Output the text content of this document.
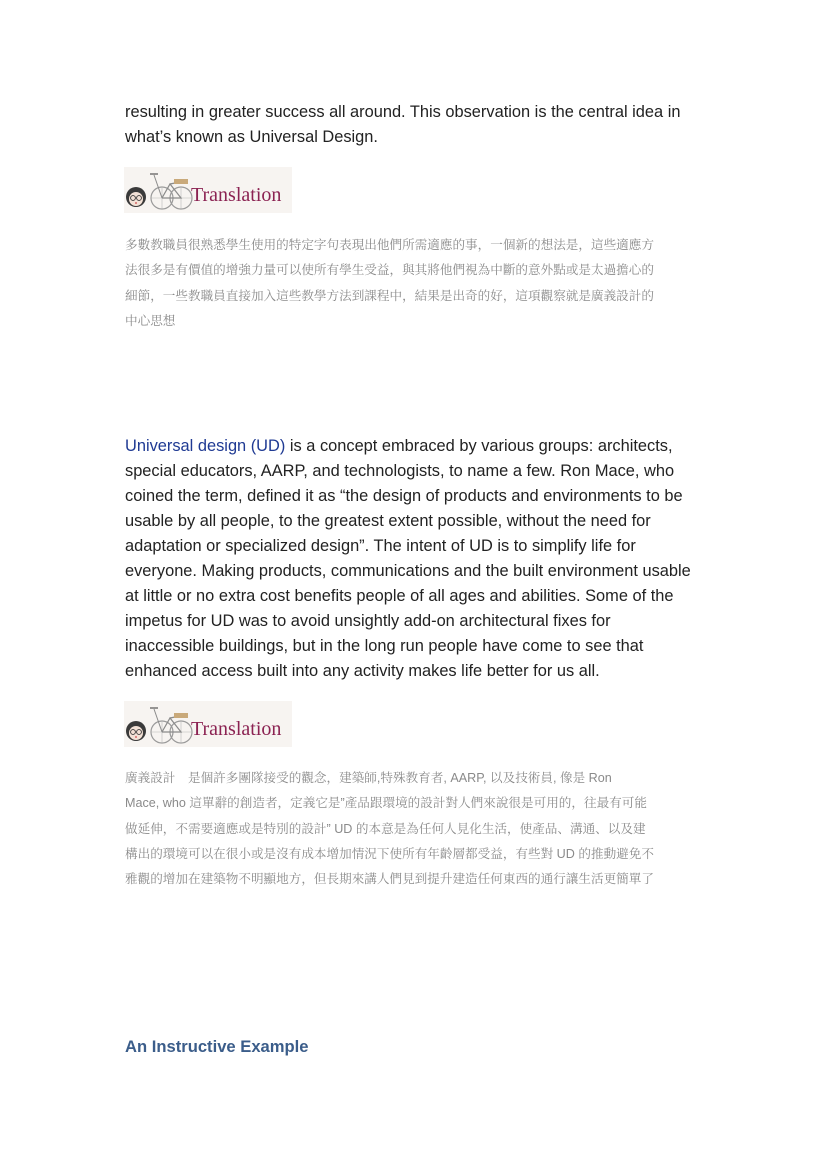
resulting in greater success all around. This observation is the central idea in
what’s known as Universal Design.
Translation
多數教職員很熟悉學生使用的特定字句表現出他們所需適應的事，一個新的想法是，這些適應方
法很多是有價值的增強力量可以使所有學生受益，與其將他們視為中斷的意外點或是太過擔心的
細節，一些教職員直接加入這些教學方法到課程中，結果是出奇的好，這項觀察就是廣義設計的
中心思想
Universal design (UD) is a concept embraced by various groups: architects,
special educators, AARP, and technologists, to name a few. Ron Mace, who
coined the term, defined it as “the design of products and environments to be
usable by all people, to the greatest extent possible, without the need for
adaptation or specialized design”. The intent of UD is to simplify life for
everyone. Making products, communications and the built environment usable
at little or no extra cost benefits people of all ages and abilities. Some of the
impetus for UD was to avoid unsightly add-on architectural fixes for
inaccessible buildings, but in the long run people have come to see that
enhanced access built into any activity makes life better for us all.
Translation
廣義設計　是個許多團隊接受的觀念，建築師,特殊教育者, AARP, 以及技術員, 像是 Ron
Mace, who 這單辭的創造者，定義它是”產品跟環境的設計對人們來說很是可用的，往最有可能
做延伸，不需要適應或是特別的設計” UD 的本意是為任何人見化生活，使產品、溝通、以及建
構出的環境可以在很小或是沒有成本增加情況下使所有年齡層都受益，有些對 UD 的推動避免不
雅觀的增加在建築物不明顯地方，但長期來講人們見到提升建造任何東西的通行讓生活更簡單了
An Instructive Example
